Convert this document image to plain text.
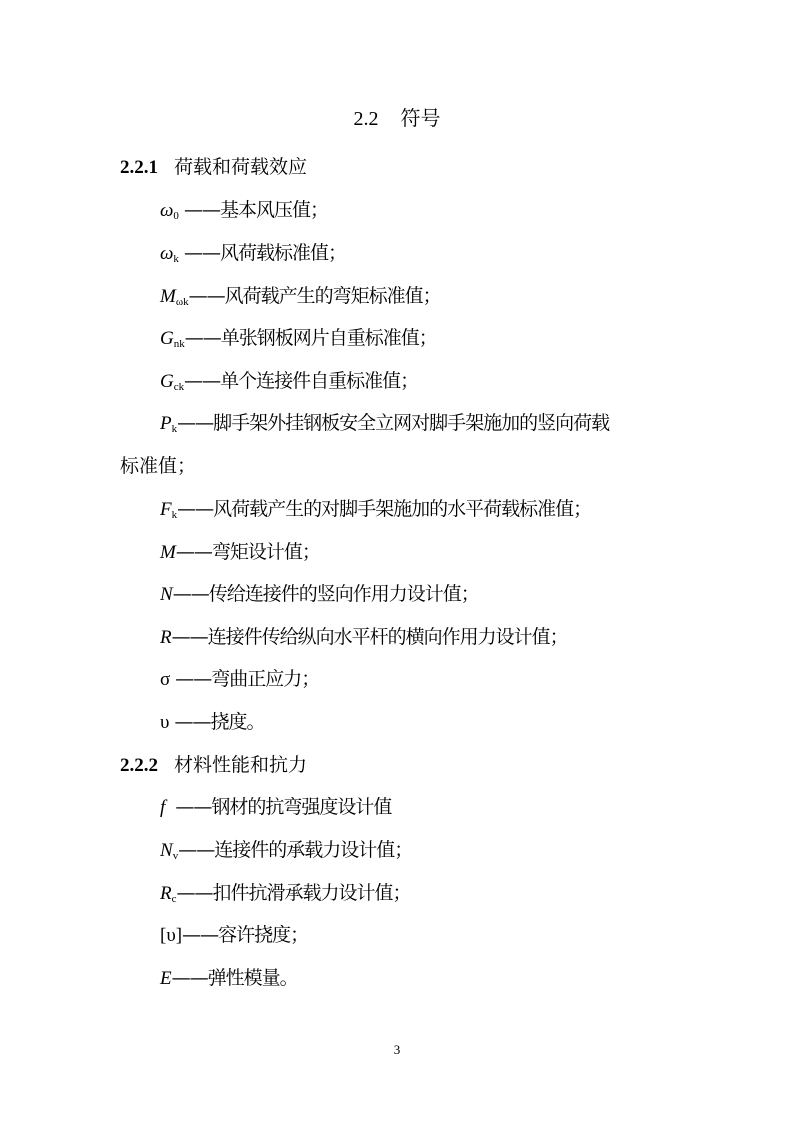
2.2 符号
2.2.1 荷载和荷载效应
$\omega_0$ ——基本风压值；
$\omega_k$ ——风荷载标准值；
$M_{\omega k}——$风荷载产生的弯矩标准值；
$G_{nk}——$单张钢板网片自重标准值；
$G_{ck}——$单个连接件自重标准值；
$P_k——$脚手架外挂钢板安全立网对脚手架施加的竖向荷载
标准值；
$F_k——$风荷载产生的对脚手架施加的水平荷载标准值；
M——弯矩设计值；
N——传给连接件的竖向作用力设计值；
R——连接件传给纵向水平杆的横向作用力设计值；
σ ——弯曲正应力；
υ ——挠度。
2.2.2 材料性能和抗力
f  ——钢材的抗弯强度设计值
$N_v——$连接件的承载力设计值；
$R_c——$扣件抗滑承载力设计值；
[υ]——容许挠度；
E——弹性模量。
3
